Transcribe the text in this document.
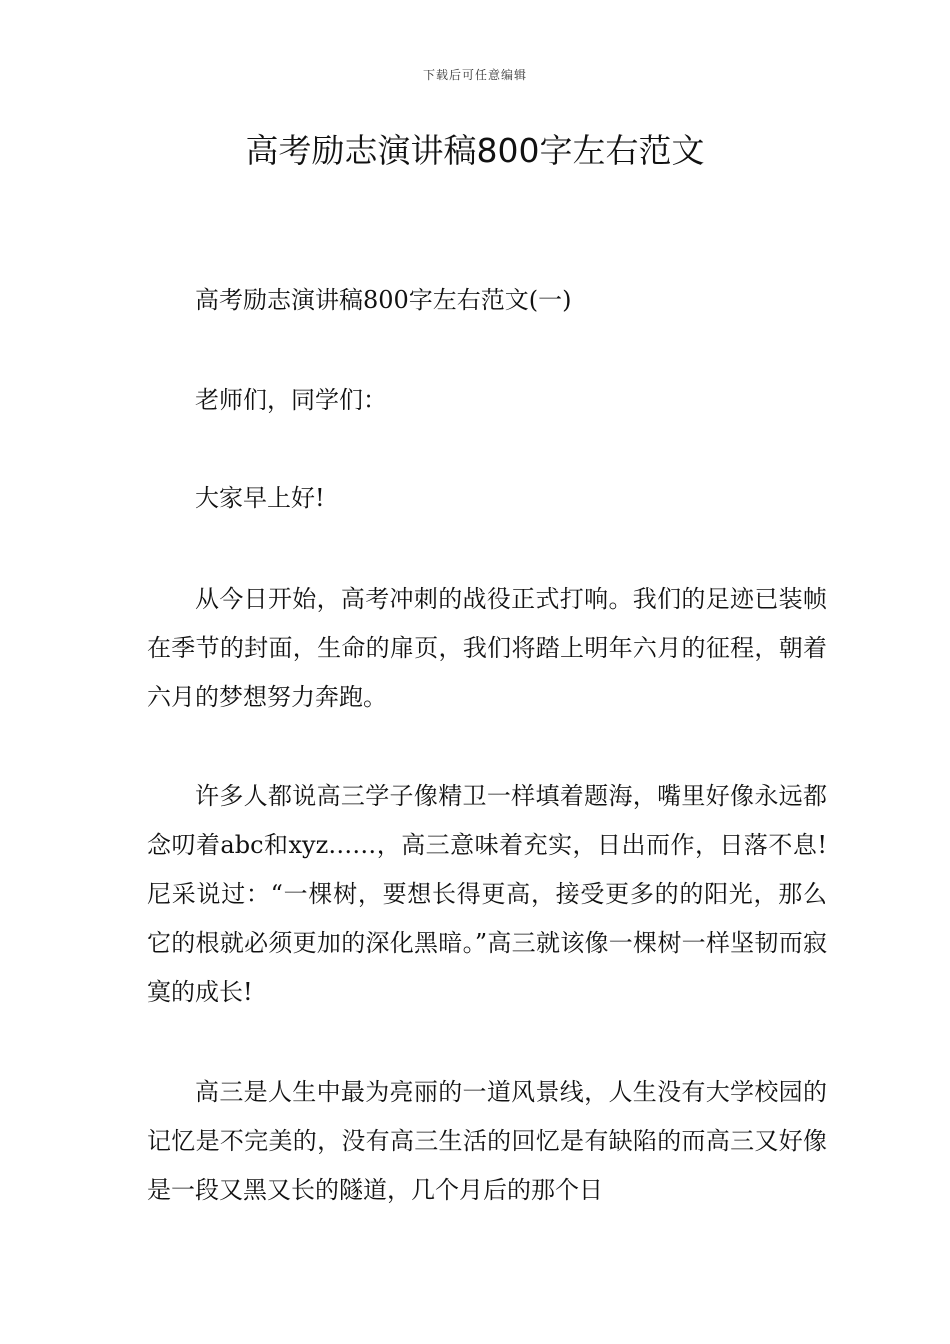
下载后可任意编辑
高考励志演讲稿800字左右范文

高考励志演讲稿800字左右范文(一)

老师们，同学们：

大家早上好!

从今日开始，高考冲刺的战役正式打响。我们的足迹已装帧在季节的封面，生命的扉页，我们将踏上明年六月的征程，朝着六月的梦想努力奔跑。

许多人都说高三学子像精卫一样填着题海，嘴里好像永远都念叨着abc和xyz……，高三意味着充实，日出而作，日落不息!尼采说过：“一棵树，要想长得更高，接受更多的的阳光，那么它的根就必须更加的深化黑暗。”高三就该像一棵树一样坚韧而寂寞的成长!

高三是人生中最为亮丽的一道风景线，人生没有大学校园的记忆是不完美的，没有高三生活的回忆是有缺陷的而高三又好像是一段又黑又长的隧道，几个月后的那个日
